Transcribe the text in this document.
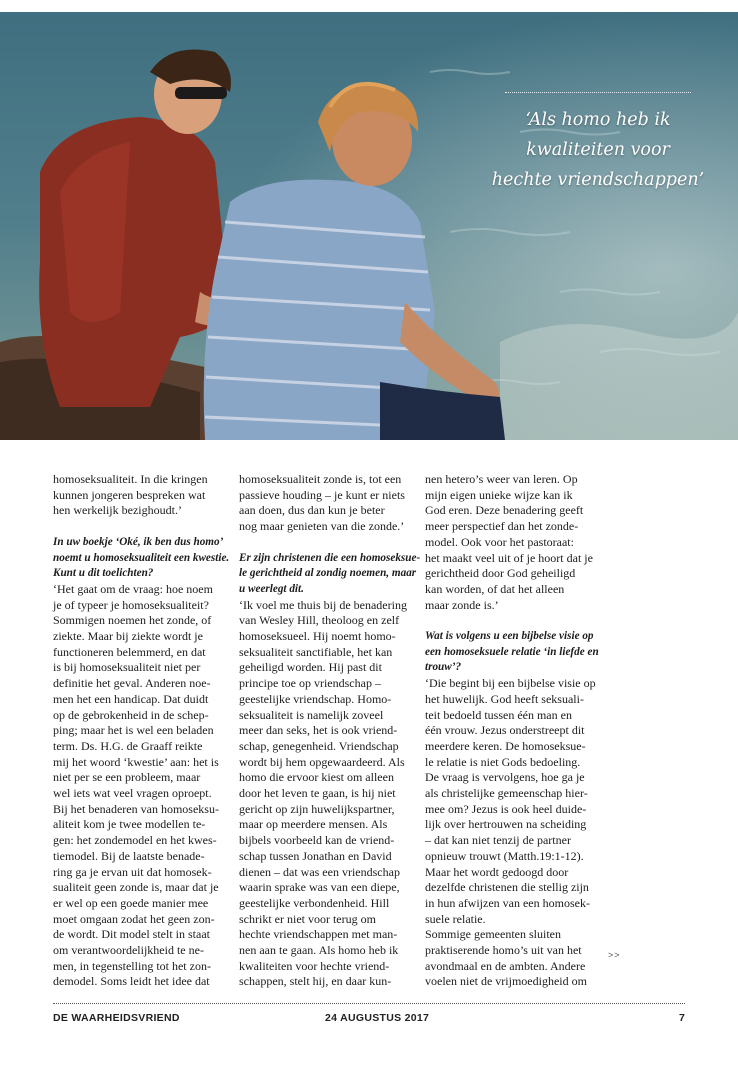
‘Als homo heb ik
kwaliteiten voor
hechte vriendschappen’
homoseksualiteit. In die kringen
kunnen jongeren bespreken wat
hen werkelijk bezighoudt.’
In uw boekje ‘Oké, ik ben dus homo’
noemt u homoseksualiteit een kwestie.
Kunt u dit toelichten?
‘Het gaat om de vraag: hoe noem
je of typeer je homoseksualiteit?
Sommigen noemen het zonde, of
ziekte. Maar bij ziekte wordt je
functioneren belemmerd, en dat
is bij homoseksualiteit niet per
definitie het geval. Anderen noe-
men het een handicap. Dat duidt
op de gebrokenheid in de schep-
ping; maar het is wel een beladen
term. Ds. H.G. de Graaff reikte
mij het woord ‘kwestie’ aan: het is
niet per se een probleem, maar
wel iets wat veel vragen oproept.
Bij het benaderen van homoseksu-
aliteit kom je twee modellen te-
gen: het zondemodel en het kwes-
tiemodel. Bij de laatste benade-
ring ga je ervan uit dat homosek-
sualiteit geen zonde is, maar dat je
er wel op een goede manier mee
moet omgaan zodat het geen zon-
de wordt. Dit model stelt in staat
om verantwoordelijkheid te ne-
men, in tegenstelling tot het zon-
demodel. Soms leidt het idee dat
homoseksualiteit zonde is, tot een
passieve houding – je kunt er niets
aan doen, dus dan kun je beter
nog maar genieten van die zonde.’
Er zijn christenen die een homoseksue-
le gerichtheid al zondig noemen, maar
u weerlegt dit.
‘Ik voel me thuis bij de benadering
van Wesley Hill, theoloog en zelf
homoseksueel. Hij noemt homo-
seksualiteit sanctifiable, het kan
geheiligd worden. Hij past dit
principe toe op vriendschap –
geestelijke vriendschap. Homo-
seksualiteit is namelijk zoveel
meer dan seks, het is ook vriend-
schap, genegenheid. Vriendschap
wordt bij hem opgewaardeerd. Als
homo die ervoor kiest om alleen
door het leven te gaan, is hij niet
gericht op zijn huwelijkspartner,
maar op meerdere mensen. Als
bijbels voorbeeld kan de vriend-
schap tussen Jonathan en David
dienen – dat was een vriendschap
waarin sprake was van een diepe,
geestelijke verbondenheid. Hill
schrikt er niet voor terug om
hechte vriendschappen met man-
nen aan te gaan. Als homo heb ik
kwaliteiten voor hechte vriend-
schappen, stelt hij, en daar kun-
nen hetero’s weer van leren. Op
mijn eigen unieke wijze kan ik
God eren. Deze benadering geeft
meer perspectief dan het zonde-
model. Ook voor het pastoraat:
het maakt veel uit of je hoort dat je
gerichtheid door God geheiligd
kan worden, of dat het alleen
maar zonde is.’
Wat is volgens u een bijbelse visie op
een homoseksuele relatie ‘in liefde en
trouw’?
‘Die begint bij een bijbelse visie op
het huwelijk. God heeft seksuali-
teit bedoeld tussen één man en
één vrouw. Jezus onderstreept dit
meerdere keren. De homoseksue-
le relatie is niet Gods bedoeling.
De vraag is vervolgens, hoe ga je
als christelijke gemeenschap hier-
mee om? Jezus is ook heel duide-
lijk over hertrouwen na scheiding
– dat kan niet tenzij de partner
opnieuw trouwt (Matth.19:1-12).
Maar het wordt gedoogd door
dezelfde christenen die stellig zijn
in hun afwijzen van een homosek-
suele relatie.
Sommige gemeenten sluiten
praktiserende homo’s uit van het
avondmaal en de ambten. Andere
voelen niet de vrijmoedigheid om
>>
DE WAARHEIDSVRIEND	24 AUGUSTUS 2017	7
